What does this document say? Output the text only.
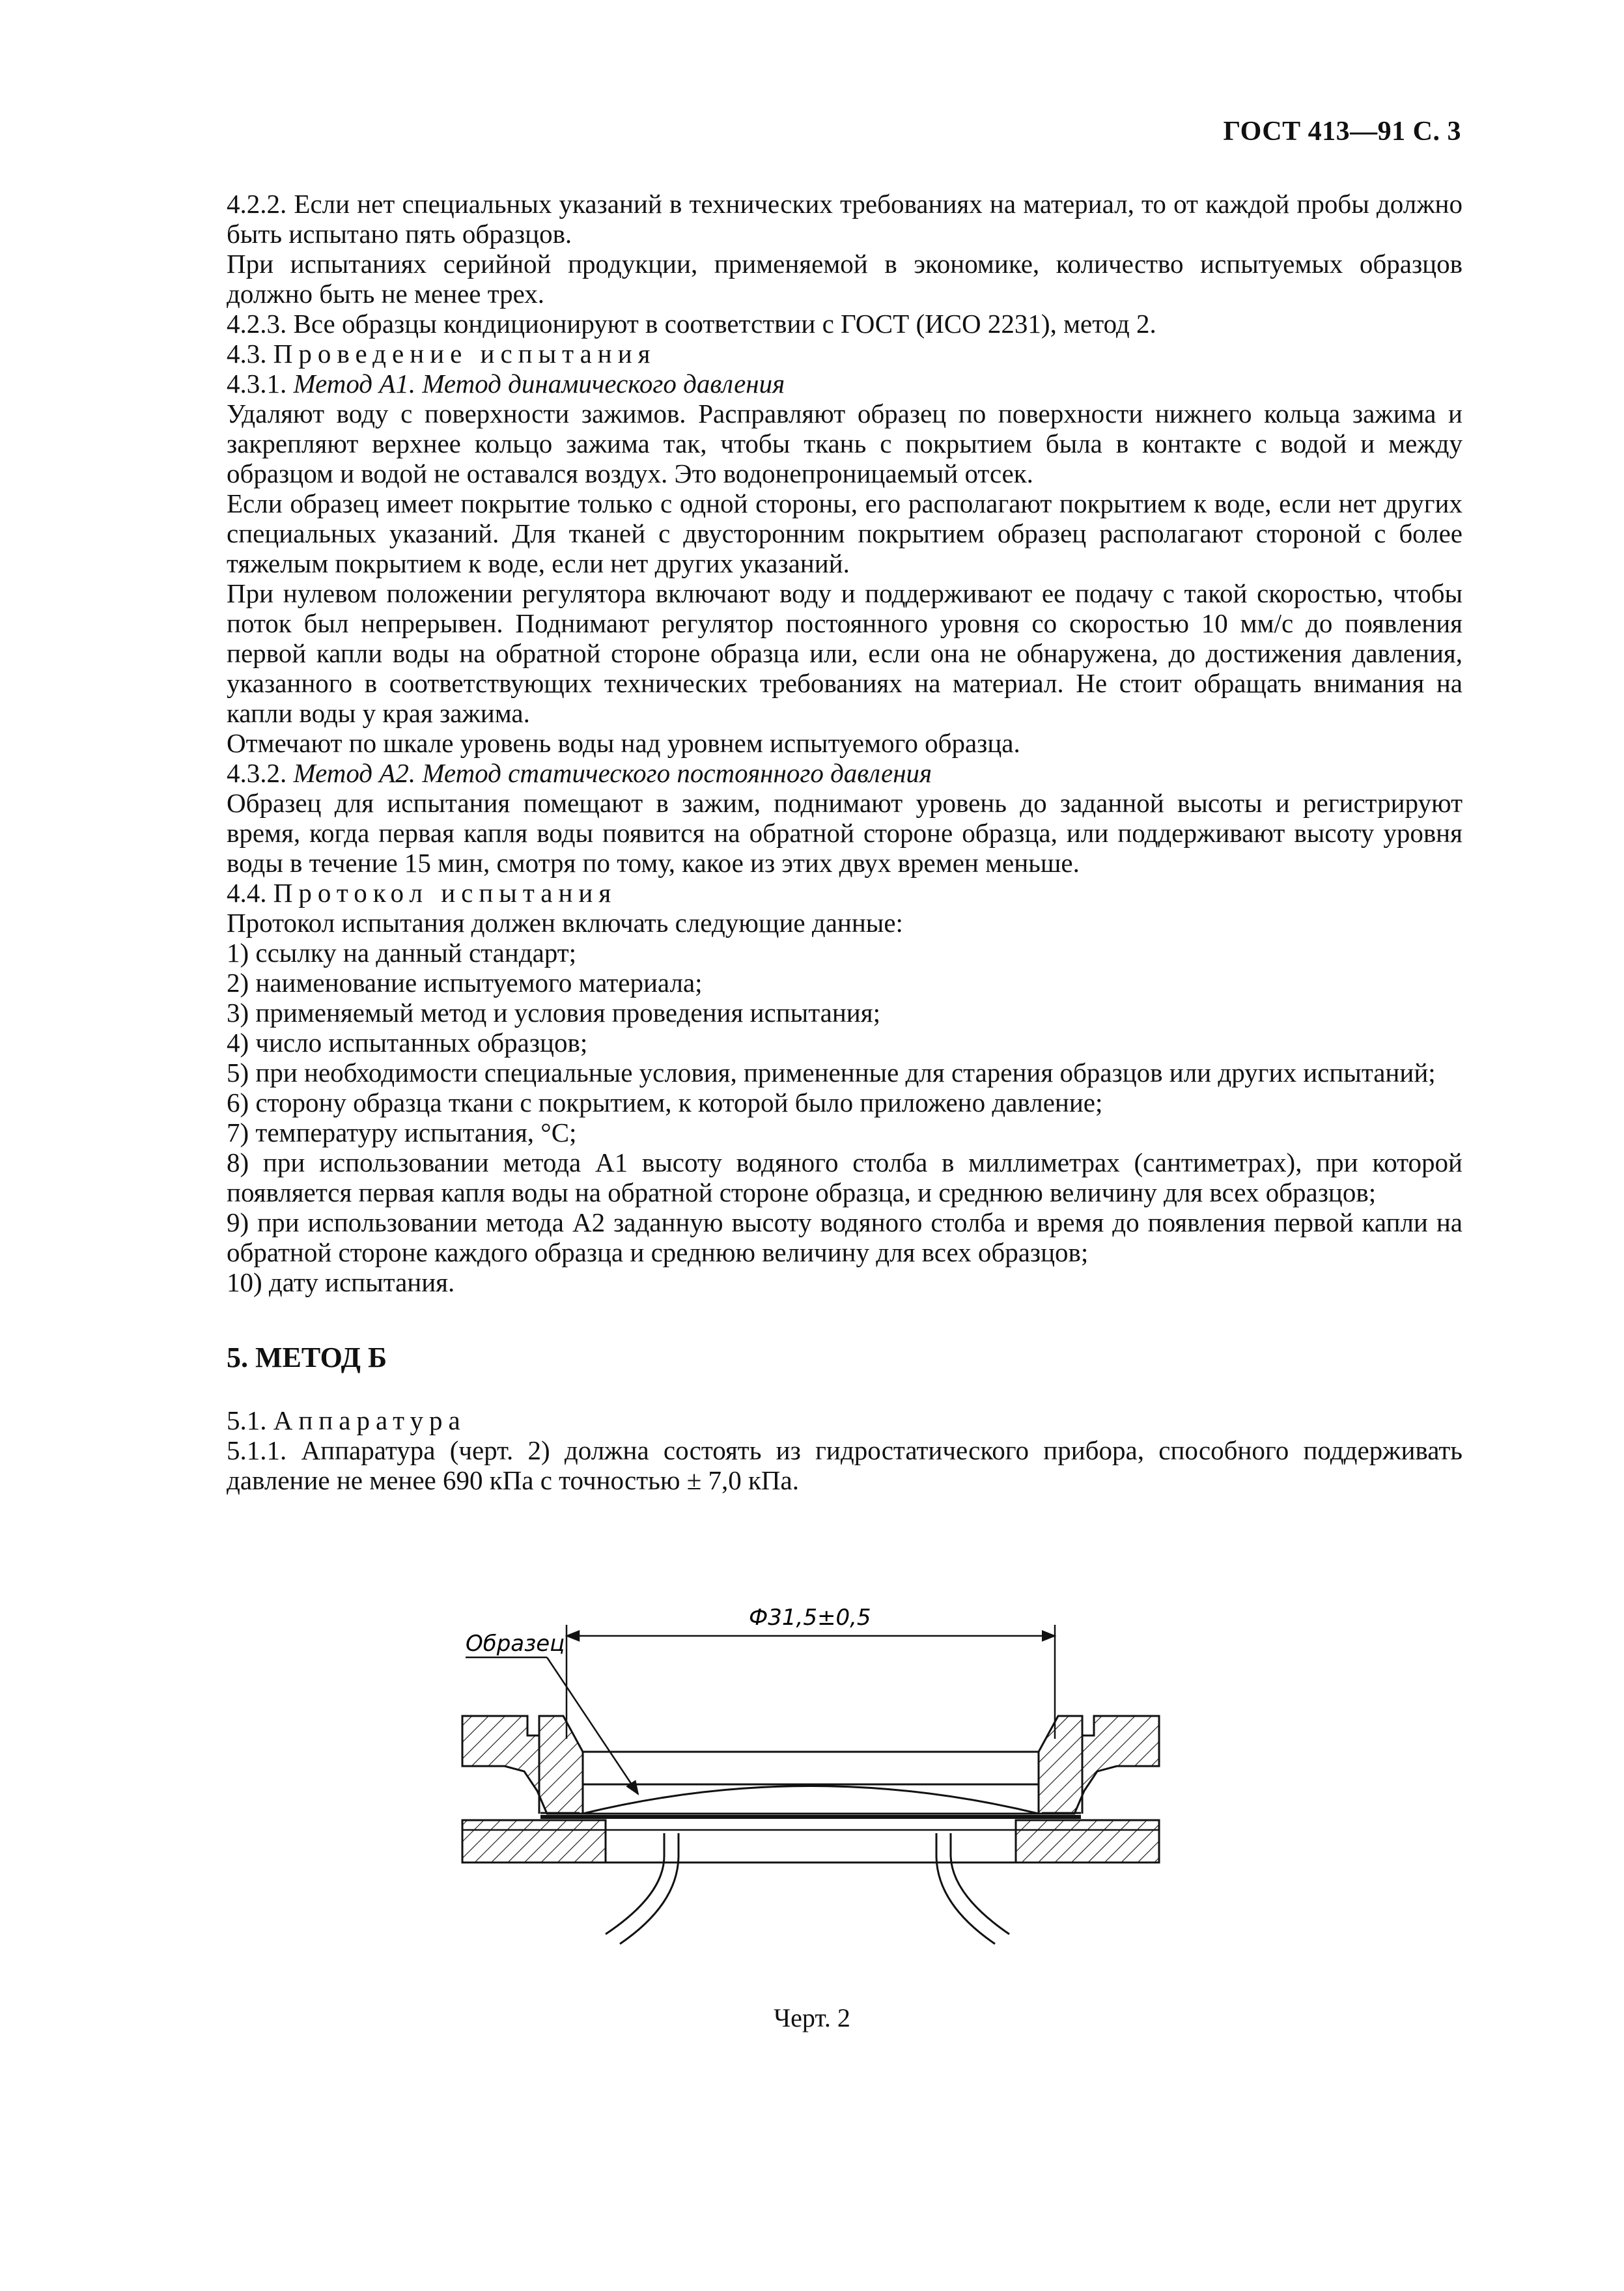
ГОСТ 413—91 С. 3

4.2.2. Если нет специальных указаний в технических требованиях на материал, то от каждой пробы должно быть испытано пять образцов.

При испытаниях серийной продукции, применяемой в экономике, количество испытуемых образцов должно быть не менее трех.

4.2.3. Все образцы кондиционируют в соответствии с ГОСТ (ИСО 2231), метод 2.

4.3. Проведение испытания

4.3.1. Метод А1. Метод динамического давления

Удаляют воду с поверхности зажимов. Расправляют образец по поверхности нижнего кольца зажима и закрепляют верхнее кольцо зажима так, чтобы ткань с покрытием была в контакте с водой и между образцом и водой не оставался воздух. Это водонепроницаемый отсек.

Если образец имеет покрытие только с одной стороны, его располагают покрытием к воде, если нет других специальных указаний. Для тканей с двусторонним покрытием образец располагают стороной с более тяжелым покрытием к воде, если нет других указаний.

При нулевом положении регулятора включают воду и поддерживают ее подачу с такой скоростью, чтобы поток был непрерывен. Поднимают регулятор постоянного уровня со скоростью 10 мм/с до появления первой капли воды на обратной стороне образца или, если она не обнаружена, до достижения давления, указанного в соответствующих технических требованиях на материал. Не стоит обращать внимания на капли воды у края зажима.

Отмечают по шкале уровень воды над уровнем испытуемого образца.

4.3.2. Метод А2. Метод статического постоянного давления

Образец для испытания помещают в зажим, поднимают уровень до заданной высоты и регистрируют время, когда первая капля воды появится на обратной стороне образца, или поддерживают высоту уровня воды в течение 15 мин, смотря по тому, какое из этих двух времен меньше.

4.4. Протокол испытания

Протокол испытания должен включать следующие данные:

1) ссылку на данный стандарт;

2) наименование испытуемого материала;

3) применяемый метод и условия проведения испытания;

4) число испытанных образцов;

5) при необходимости специальные условия, примененные для старения образцов или других испытаний;

6) сторону образца ткани с покрытием, к которой было приложено давление;

7) температуру испытания, °С;

8) при использовании метода А1 высоту водяного столба в миллиметрах (сантиметрах), при которой появляется первая капля воды на обратной стороне образца, и среднюю величину для всех образцов;

9) при использовании метода А2 заданную высоту водяного столба и время до появления первой капли на обратной стороне каждого образца и среднюю величину для всех образцов;

10) дату испытания.

5. МЕТОД Б

5.1. Аппаратура

5.1.1. Аппаратура (черт. 2) должна состоять из гидростатического прибора, способного поддерживать давление не менее 690 кПа с точностью ± 7,0 кПа.

Ф31,5±0,5
Образец
Черт. 2
